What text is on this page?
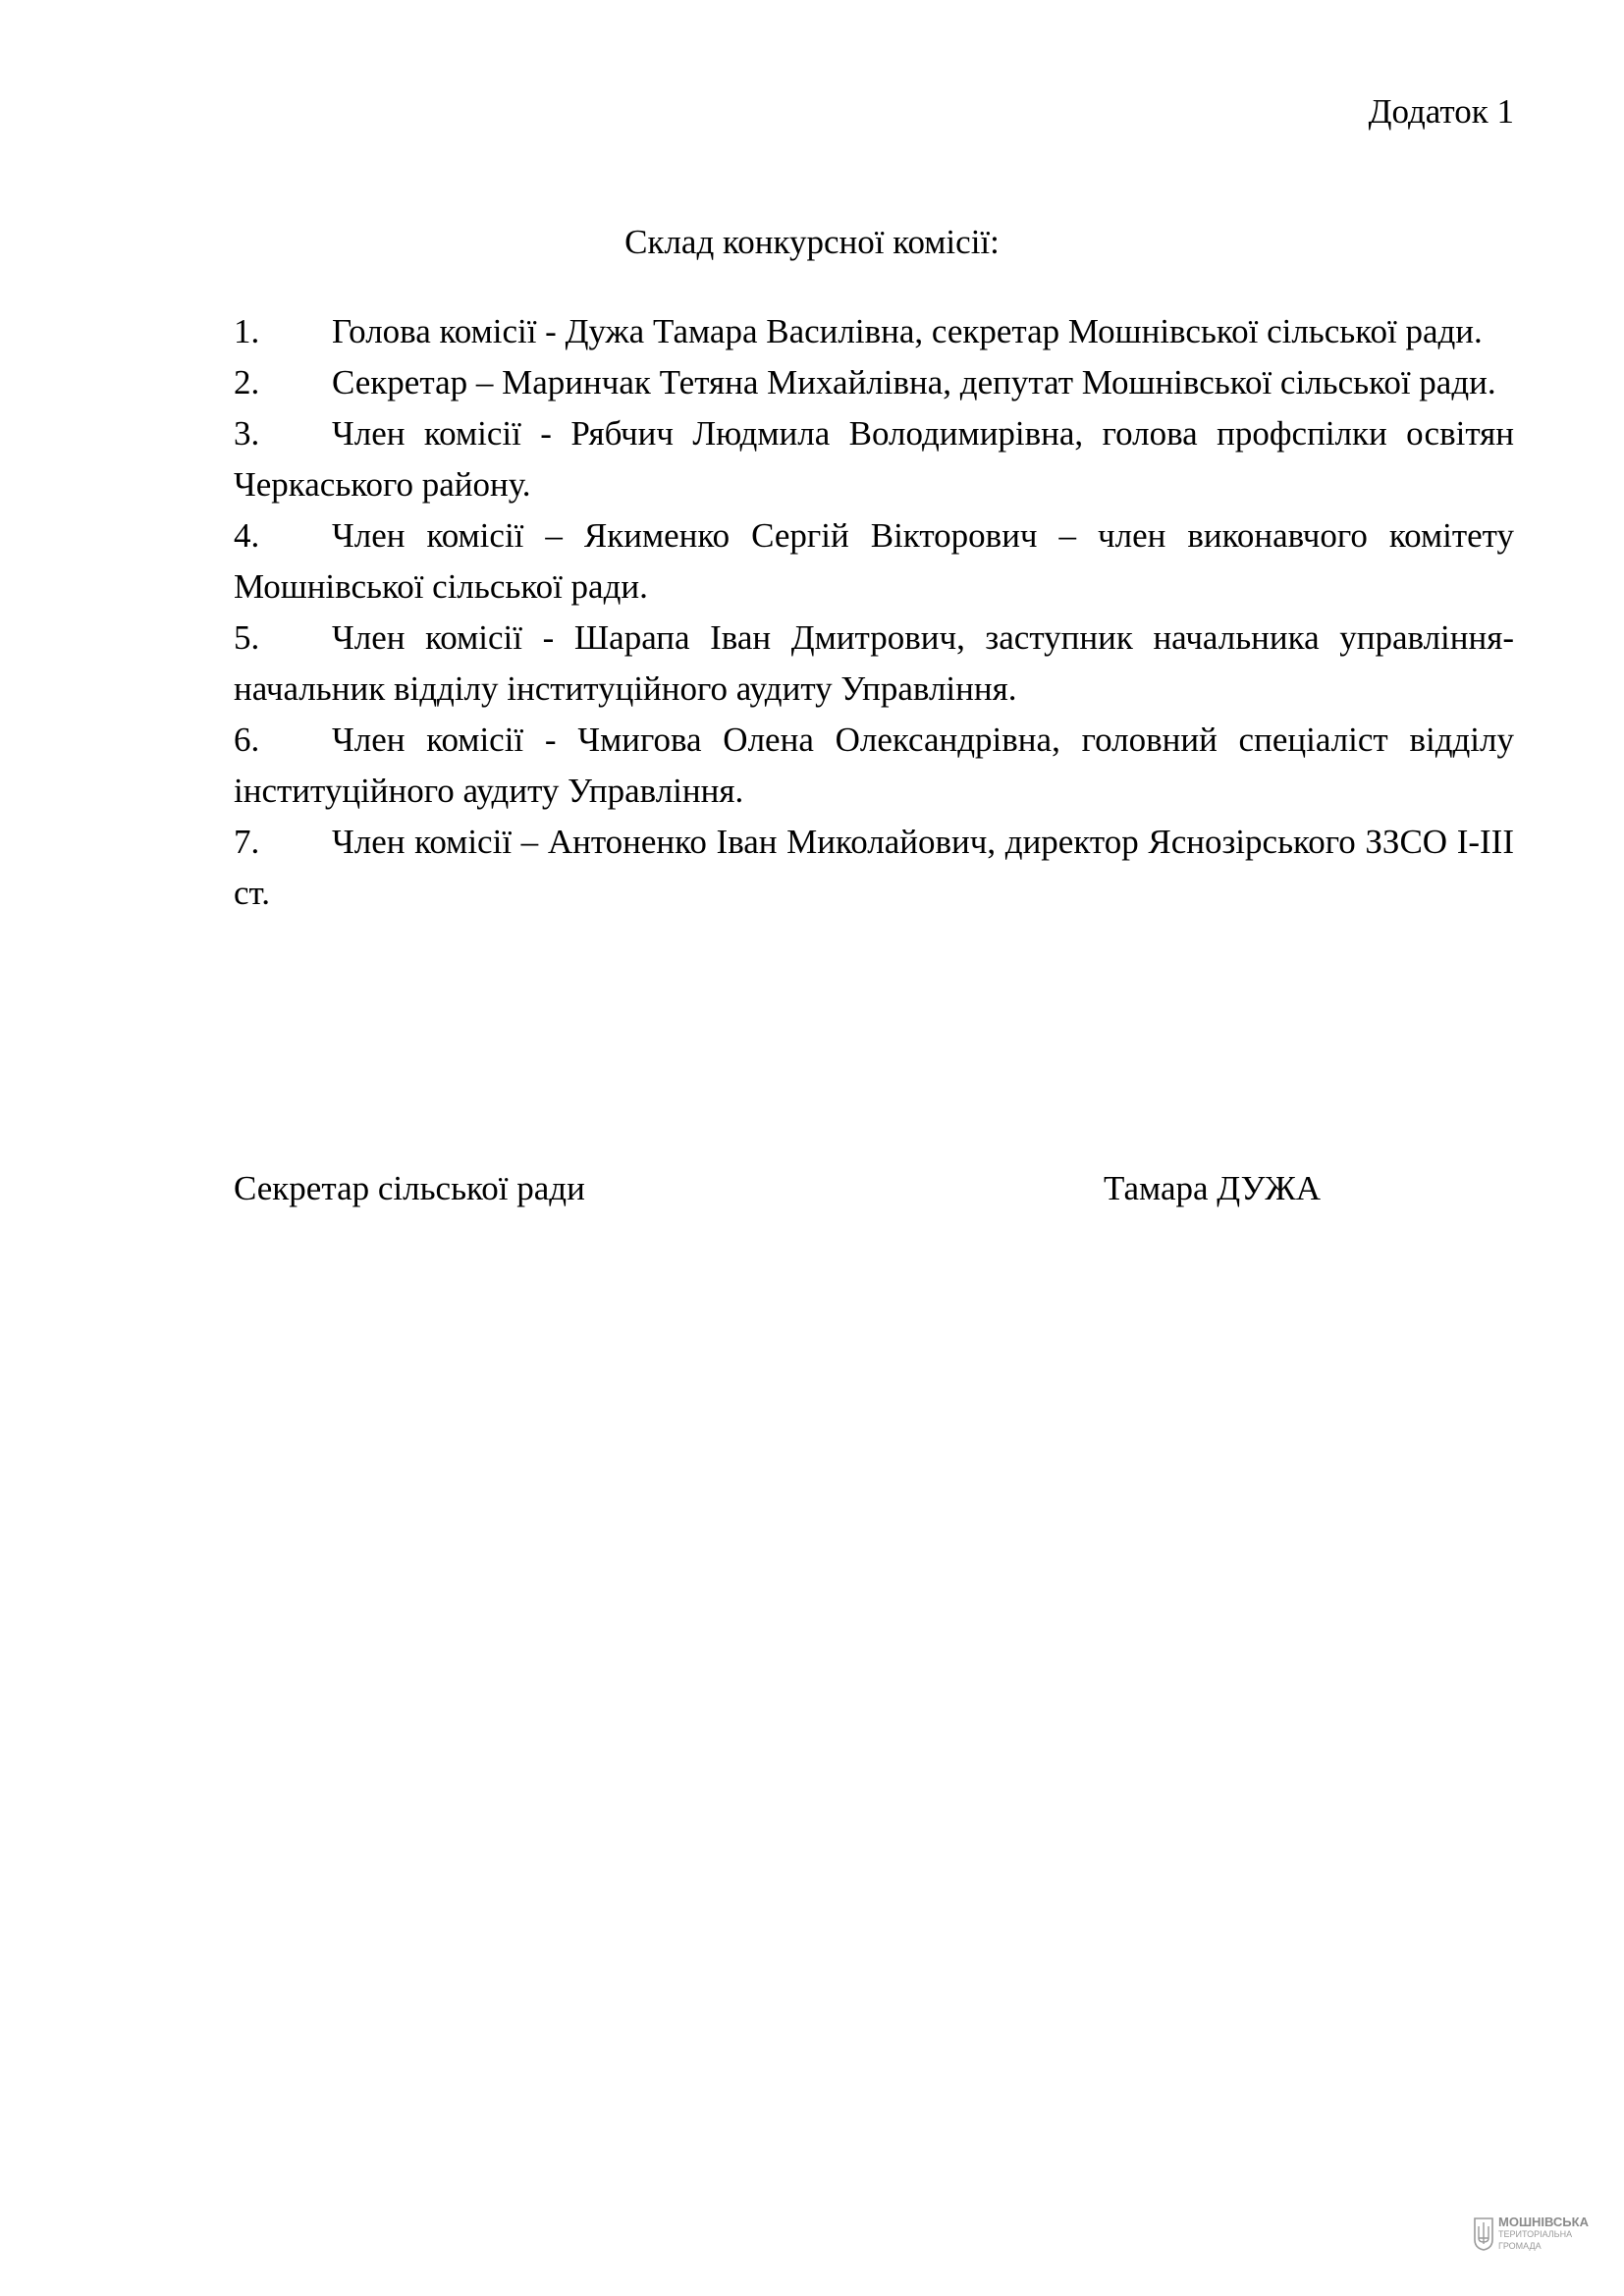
Додаток 1
Склад конкурсної комісії:
1. Голова комісії - Дужа Тамара Василівна, секретар Мошнівської сільської ради.
2. Секретар – Маринчак Тетяна Михайлівна, депутат Мошнівської сільської ради.
3. Член комісії - Рябчич Людмила Володимирівна, голова профспілки освітян Черкаського району.
4. Член комісії – Якименко Сергій Вікторович – член виконавчого комітету Мошнівської сільської ради.
5. Член комісії - Шарапа Іван Дмитрович, заступник начальника управління- начальник відділу інституційного аудиту Управління.
6. Член комісії - Чмигова Олена Олександрівна, головний спеціаліст відділу інституційного аудиту Управління.
7. Член комісії – Антоненко Іван Миколайович, директор Яснозірського ЗЗСО І-ІІІ ст.
Секретар сільської ради	Тамара ДУЖА
МОШНІВСЬКА
ТЕРИТОРІАЛЬНА
ГРОМАДА
